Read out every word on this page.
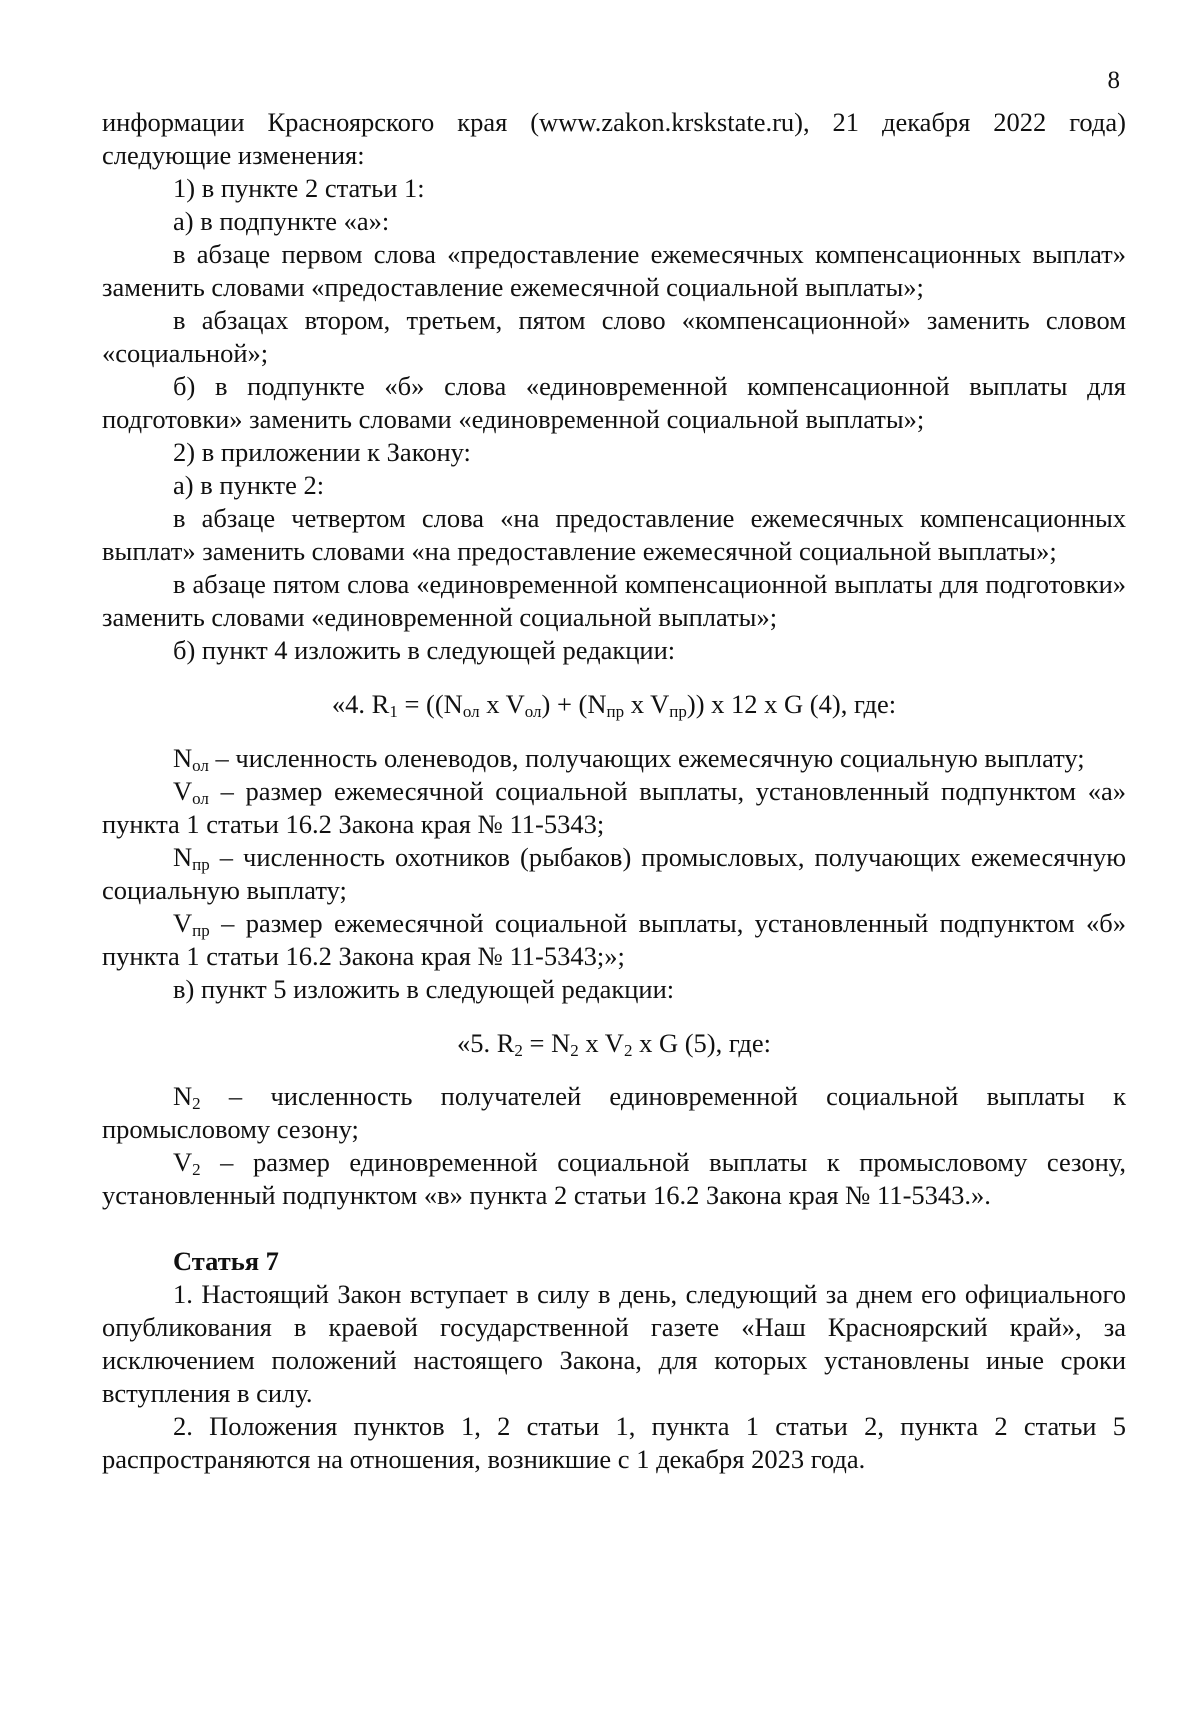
8

информации Красноярского края (www.zakon.krskstate.ru), 21 декабря 2022 года) следующие изменения:

1) в пункте 2 статьи 1:

а) в подпункте «а»:

в абзаце первом слова «предоставление ежемесячных компенсационных выплат» заменить словами «предоставление ежемесячной социальной выплаты»;

в абзацах втором, третьем, пятом слово «компенсационной» заменить словом «социальной»;

б) в подпункте «б» слова «единовременной компенсационной выплаты для подготовки» заменить словами «единовременной социальной выплаты»;

2) в приложении к Закону:

а) в пункте 2:

в абзаце четвертом слова «на предоставление ежемесячных компенсационных выплат» заменить словами «на предоставление ежемесячной социальной выплаты»;

в абзаце пятом слова «единовременной компенсационной выплаты для подготовки» заменить словами «единовременной социальной выплаты»;

б) пункт 4 изложить в следующей редакции:

«4. $R_1 = ((N_{ол}$ x $V_{ол}) + (N_{пр}$ x $V_{пр}$)) x 12 x G (4), где:

$N_{ол}$ – численность оленеводов, получающих ежемесячную социальную выплату;

$V_{ол}$ – размер ежемесячной социальной выплаты, установленный подпунктом «а» пункта 1 статьи 16.2 Закона края № 11-5343;

$N_{пр}$ – численность охотников (рыбаков) промысловых, получающих ежемесячную социальную выплату;

$V_{пр}$ – размер ежемесячной социальной выплаты, установленный подпунктом «б» пункта 1 статьи 16.2 Закона края № 11-5343;»;

в) пункт 5 изложить в следующей редакции:

«5. $R_2 = N_2$ x $V_2$ x G (5), где:

$N_2$ – численность получателей единовременной социальной выплаты к промысловому сезону;

$V_2$ – размер единовременной социальной выплаты к промысловому сезону, установленный подпунктом «в» пункта 2 статьи 16.2 Закона края № 11-5343.».

Статья 7

1. Настоящий Закон вступает в силу в день, следующий за днем его официального опубликования в краевой государственной газете «Наш Красноярский край», за исключением положений настоящего Закона, для которых установлены иные сроки вступления в силу.

2. Положения пунктов 1, 2 статьи 1, пункта 1 статьи 2, пункта 2 статьи 5 распространяются на отношения, возникшие с 1 декабря 2023 года.
